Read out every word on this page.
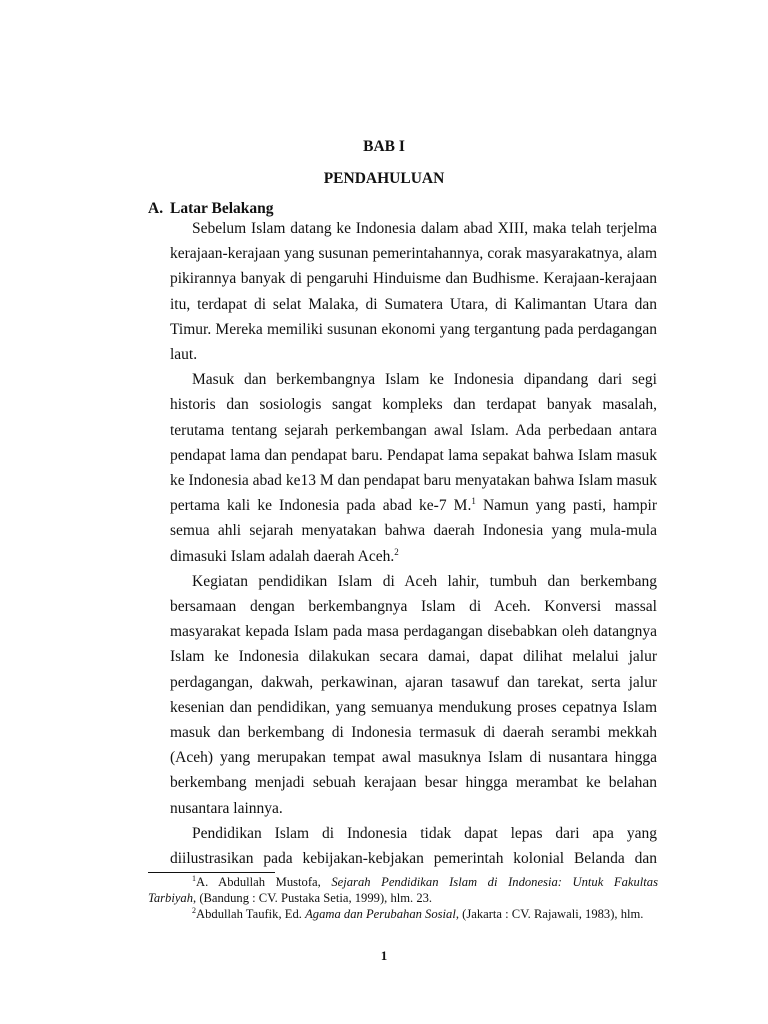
BAB I
PENDAHULUAN
A. Latar Belakang
Sebelum Islam datang ke Indonesia dalam abad XIII, maka telah terjelma
kerajaan-kerajaan yang susunan pemerintahannya, corak masyarakatnya, alam
pikirannya banyak di pengaruhi Hinduisme dan Budhisme. Kerajaan-kerajaan
itu, terdapat di selat Malaka, di Sumatera Utara, di Kalimantan Utara dan
Timur. Mereka memiliki susunan ekonomi yang tergantung pada perdagangan
laut.
Masuk dan berkembangnya Islam ke Indonesia dipandang dari segi
historis dan sosiologis sangat kompleks dan terdapat banyak masalah,
terutama tentang sejarah perkembangan awal Islam. Ada perbedaan antara
pendapat lama dan pendapat baru. Pendapat lama sepakat bahwa Islam masuk
ke Indonesia abad ke13 M dan pendapat baru menyatakan bahwa Islam masuk
pertama kali ke Indonesia pada abad ke-7 M.$^1$ Namun yang pasti, hampir
semua ahli sejarah menyatakan bahwa daerah Indonesia yang mula-mula
dimasuki Islam adalah daerah Aceh.$^2$
Kegiatan pendidikan Islam di Aceh lahir, tumbuh dan berkembang
bersamaan dengan berkembangnya Islam di Aceh. Konversi massal
masyarakat kepada Islam pada masa perdagangan disebabkan oleh datangnya
Islam ke Indonesia dilakukan secara damai, dapat dilihat melalui jalur
perdagangan, dakwah, perkawinan, ajaran tasawuf dan tarekat, serta jalur
kesenian dan pendidikan, yang semuanya mendukung proses cepatnya Islam
masuk dan berkembang di Indonesia termasuk di daerah serambi mekkah
(Aceh) yang merupakan tempat awal masuknya Islam di nusantara hingga
berkembang menjadi sebuah kerajaan besar hingga merambat ke belahan
nusantara lainnya.
Pendidikan Islam di Indonesia tidak dapat lepas dari apa yang
diilustrasikan pada kebijakan-kebjakan pemerintah kolonial Belanda dan
$^1$A. Abdullah Mustofa, Sejarah Pendidikan Islam di Indonesia: Untuk Fakultas
Tarbiyah, (Bandung : CV. Pustaka Setia, 1999), hlm. 23.
$^2$Abdullah Taufik, Ed. Agama dan Perubahan Sosial, (Jakarta : CV. Rajawali, 1983), hlm.
1
